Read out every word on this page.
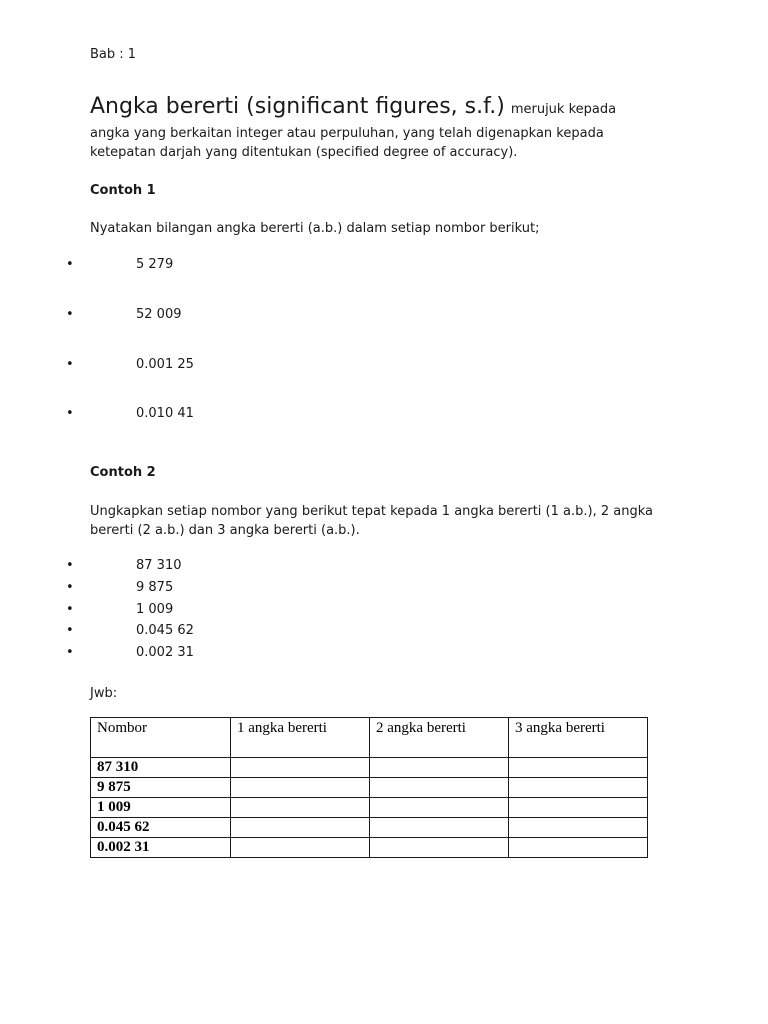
Bab : 1
Angka bererti (significant figures, s.f.) merujuk kepada
angka yang berkaitan integer atau perpuluhan, yang telah digenapkan kepada
ketepatan darjah yang ditentukan (specified degree of accuracy).
Contoh 1
Nyatakan bilangan angka bererti (a.b.) dalam setiap nombor berikut;
•	5 279
•	52 009
•	0.001 25
•	0.010 41
Contoh 2
Ungkapkan setiap nombor yang berikut tepat kepada 1 angka bererti (1 a.b.), 2 angka
bererti (2 a.b.) dan 3 angka bererti (a.b.).
•	87 310
•	9 875
•	1 009
•	0.045 62
•	0.002 31
Jwb:
Nombor	1 angka bererti	2 angka bererti	3 angka bererti
87 310			
9 875			
1 009			
0.045 62			
0.002 31			
